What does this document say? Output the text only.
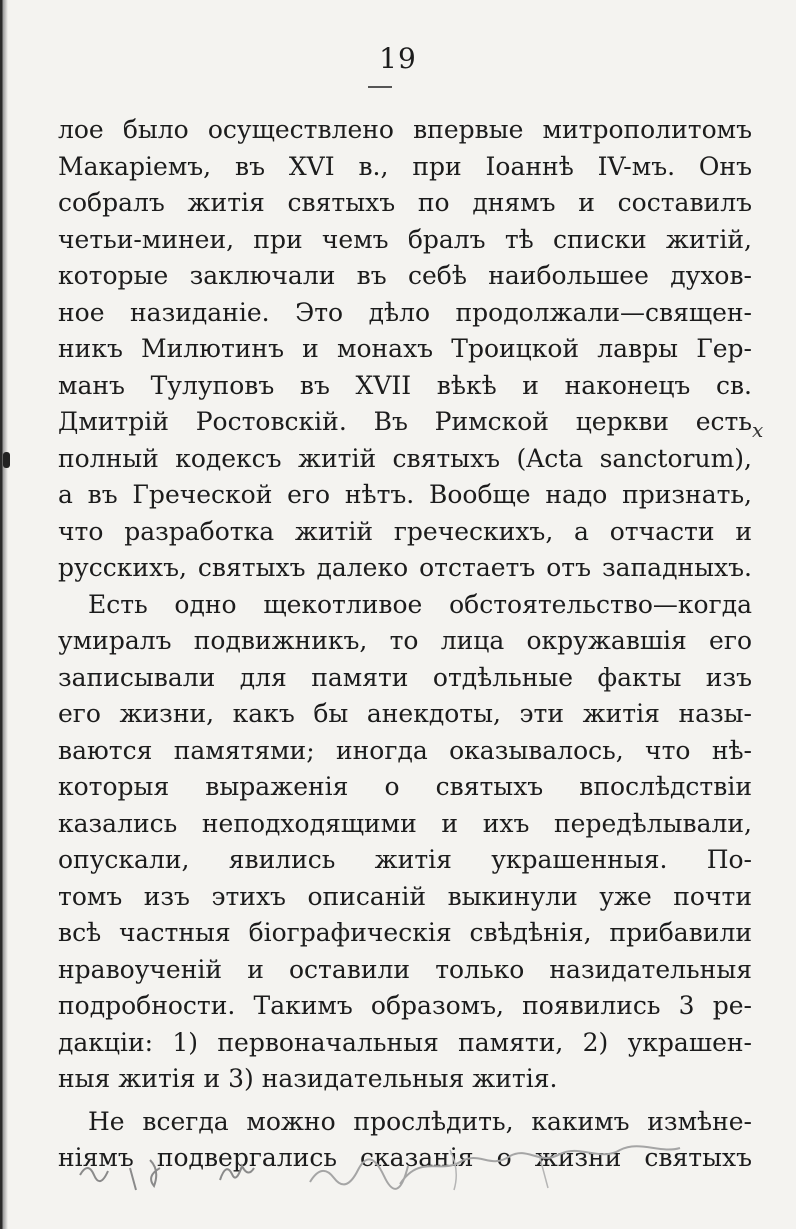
19
лое было осуществлено впервые митрополитомъ
Макаріемъ, въ XVI в., при Іоаннѣ IV-мъ. Онъ
собралъ житія святыхъ по днямъ и составилъ
четьи-минеи, при чемъ бралъ тѣ списки житій,
которые заключали въ себѣ наибольшее духов-
ное назиданіе. Это дѣло продолжали—священ-
никъ Милютинъ и монахъ Троицкой лавры Гер-
манъ Тулуповъ въ XVII вѣкѣ и наконецъ св.
Дмитрій Ростовскій. Въ Римской церкви есть
полный кодексъ житій святыхъ (Acta sanctorum),
а въ Греческой его нѣтъ. Вообще надо признать,
что разработка житій греческихъ, а отчасти и
русскихъ, святыхъ далеко отстаетъ отъ западныхъ.
Есть одно щекотливое обстоятельство—когда
умиралъ подвижникъ, то лица окружавшія его
записывали для памяти отдѣльные факты изъ
его жизни, какъ бы анекдоты, эти житія назы-
ваются памятями; иногда оказывалось, что нѣ-
которыя выраженія о святыхъ впослѣдствіи
казались неподходящими и ихъ передѣлывали,
опускали, явились житія украшенныя. По-
томъ изъ этихъ описаній выкинули уже почти
всѣ частныя біографическія свѣдѣнія, прибавили
нравоученій и оставили только назидательныя
подробности. Такимъ образомъ, появились 3 ре-
дакціи: 1) первоначальныя памяти, 2) украшен-
ныя житія и 3) назидательныя житія.
Не всегда можно прослѣдить, какимъ измѣне-
ніямъ подвергались сказанія о жизни святыхъ
x
